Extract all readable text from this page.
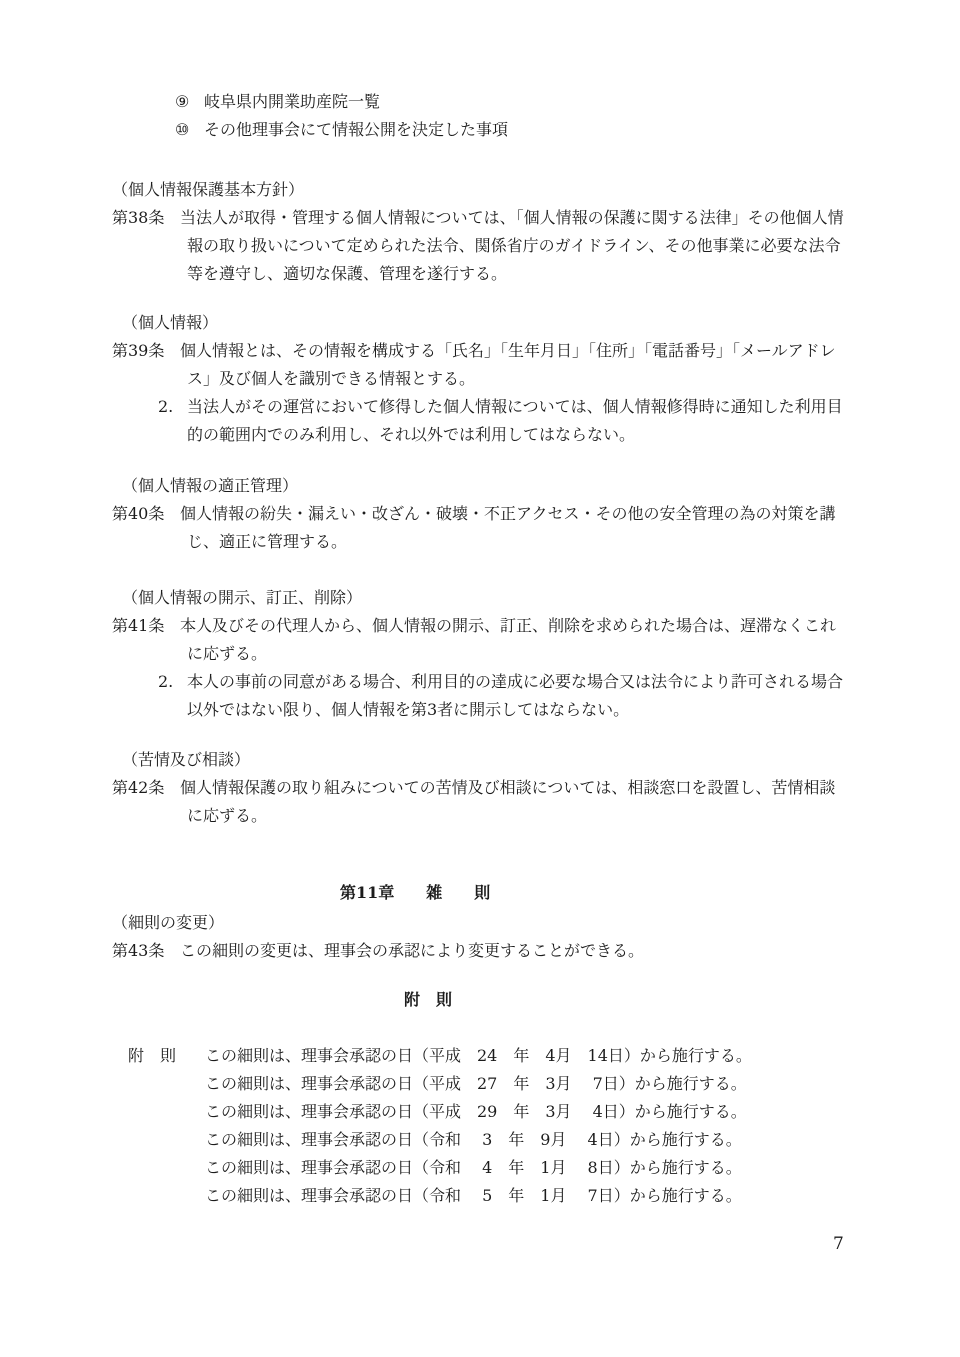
⑨ 岐阜県内開業助産院一覧
⑩ その他理事会にて情報公開を決定した事項
（個人情報保護基本方針）
第38条 当法人が取得・管理する個人情報については、「個人情報の保護に関する法律」その他個人情
報の取り扱いについて定められた法令、関係省庁のガイドライン、その他事業に必要な法令
等を遵守し、適切な保護、管理を遂行する。
（個人情報）
第39条 個人情報とは、その情報を構成する「氏名」「生年月日」「住所」「電話番号」「メールアドレ
ス」及び個人を識別できる情報とする。
2. 当法人がその運営において修得した個人情報については、個人情報修得時に通知した利用目
的の範囲内でのみ利用し、それ以外では利用してはならない。
（個人情報の適正管理）
第40条 個人情報の紛失・漏えい・改ざん・破壊・不正アクセス・その他の安全管理の為の対策を講
じ、適正に管理する。
（個人情報の開示、訂正、削除）
第41条 本人及びその代理人から、個人情報の開示、訂正、削除を求められた場合は、遅滞なくこれ
に応ずる。
2. 本人の事前の同意がある場合、利用目的の達成に必要な場合又は法令により許可される場合
以外ではない限り、個人情報を第3者に開示してはならない。
（苦情及び相談）
第42条 個人情報保護の取り組みについての苦情及び相談については、相談窓口を設置し、苦情相談
に応ずる。
第11章　　雑　　則
（細則の変更）
第43条 この細則の変更は、理事会の承認により変更することができる。
附　則
附　則	この細則は、理事会承認の日（平成　24　年　4月　14日）から施行する。
この細則は、理事会承認の日（平成　27　年　3月　 7日）から施行する。
この細則は、理事会承認の日（平成　29　年　3月　 4日）から施行する。
この細則は、理事会承認の日（令和　 3　年　9月　 4日）から施行する。
この細則は、理事会承認の日（令和　 4　年　1月　 8日）から施行する。
この細則は、理事会承認の日（令和　 5　年　1月　 7日）から施行する。
7
